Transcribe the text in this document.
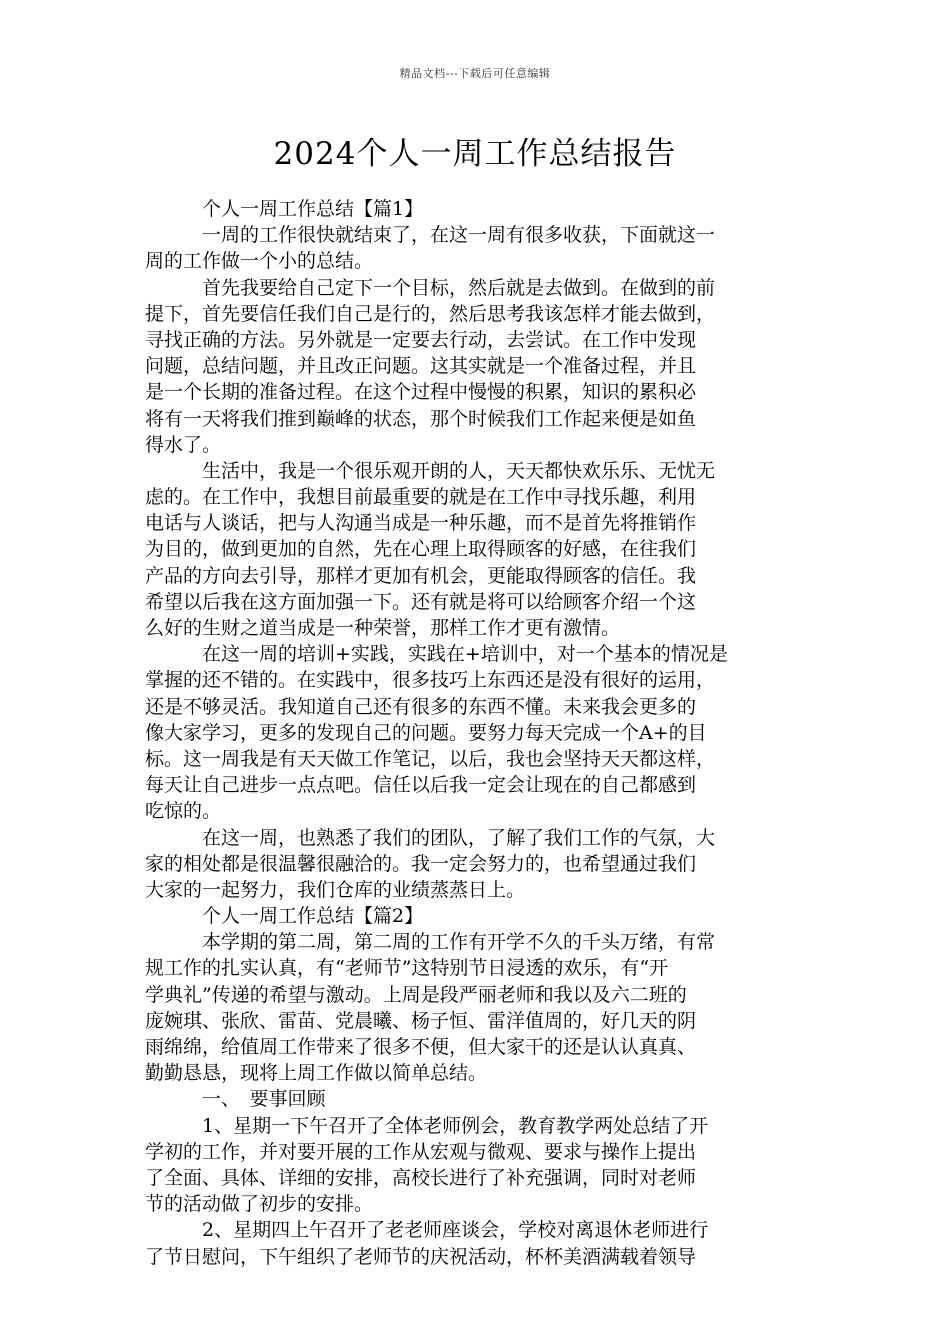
精品文档---下载后可任意编辑
2024个人一周工作总结报告
个人一周工作总结【篇1】
一周的工作很快就结束了，在这一周有很多收获，下面就这一
周的工作做一个小的总结。
首先我要给自己定下一个目标，然后就是去做到。在做到的前
提下，首先要信任我们自己是行的，然后思考我该怎样才能去做到，
寻找正确的方法。另外就是一定要去行动，去尝试。在工作中发现
问题，总结问题，并且改正问题。这其实就是一个准备过程，并且
是一个长期的准备过程。在这个过程中慢慢的积累，知识的累积必
将有一天将我们推到巅峰的状态，那个时候我们工作起来便是如鱼
得水了。
生活中，我是一个很乐观开朗的人，天天都快欢乐乐、无忧无
虑的。在工作中，我想目前最重要的就是在工作中寻找乐趣，利用
电话与人谈话，把与人沟通当成是一种乐趣，而不是首先将推销作
为目的，做到更加的自然，先在心理上取得顾客的好感，在往我们
产品的方向去引导，那样才更加有机会，更能取得顾客的信任。我
希望以后我在这方面加强一下。还有就是将可以给顾客介绍一个这
么好的生财之道当成是一种荣誉，那样工作才更有激情。
在这一周的培训+实践，实践在+培训中，对一个基本的情况是
掌握的还不错的。在实践中，很多技巧上东西还是没有很好的运用，
还是不够灵活。我知道自己还有很多的东西不懂。未来我会更多的
像大家学习，更多的发现自己的问题。要努力每天完成一个A+的目
标。这一周我是有天天做工作笔记，以后，我也会坚持天天都这样，
每天让自己进步一点点吧。信任以后我一定会让现在的自己都感到
吃惊的。
在这一周，也熟悉了我们的团队，了解了我们工作的气氛，大
家的相处都是很温馨很融洽的。我一定会努力的，也希望通过我们
大家的一起努力，我们仓库的业绩蒸蒸日上。
个人一周工作总结【篇2】
本学期的第二周，第二周的工作有开学不久的千头万绪，有常
规工作的扎实认真，有“老师节”这特别节日浸透的欢乐，有“开
学典礼”传递的希望与激动。上周是段严丽老师和我以及六二班的
庞婉琪、张欣、雷苗、党晨曦、杨子恒、雷洋值周的，好几天的阴
雨绵绵，给值周工作带来了很多不便，但大家干的还是认认真真、
勤勤恳恳，现将上周工作做以简单总结。
一、　要事回顾
1、星期一下午召开了全体老师例会，教育教学两处总结了开
学初的工作，并对要开展的工作从宏观与微观、要求与操作上提出
了全面、具体、详细的安排，高校长进行了补充强调，同时对老师
节的活动做了初步的安排。
2、星期四上午召开了老老师座谈会，学校对离退休老师进行
了节日慰问，下午组织了老师节的庆祝活动，杯杯美酒满载着领导
